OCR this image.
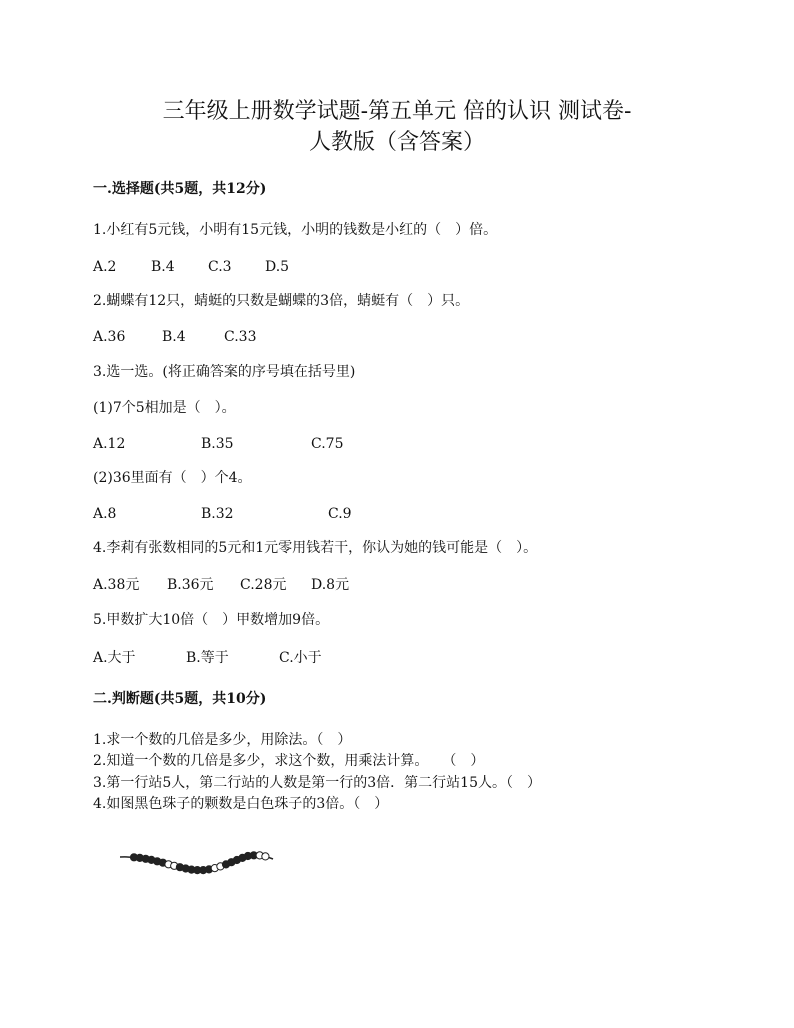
三年级上册数学试题-第五单元 倍的认识 测试卷-
人教版（含答案）
一.选择题(共5题，共12分)
1.小红有5元钱，小明有15元钱，小明的钱数是小红的（　）倍。
A.2 B.4 C.3 D.5
2.蝴蝶有12只，蜻蜓的只数是蝴蝶的3倍，蜻蜓有（　）只。
A.36	B.4	C.33
3.选一选。(将正确答案的序号填在括号里)
(1)7个5相加是（　）。
A.12	B.35	C.75
(2)36里面有（　）个4。
A.8	B.32	C.9
4.李莉有张数相同的5元和1元零用钱若干，你认为她的钱可能是（　）。
A.38元 B.36元 C.28元 D.8元
5.甲数扩大10倍（　）甲数增加9倍。
A.大于	B.等于	C.小于
二.判断题(共5题，共10分)
1.求一个数的几倍是多少，用除法。（　）
2.知道一个数的几倍是多少，求这个数，用乘法计算。　　（　）
3.第一行站5人，第二行站的人数是第一行的3倍．第二行站15人。（　）
4.如图黑色珠子的颗数是白色珠子的3倍。（　）
